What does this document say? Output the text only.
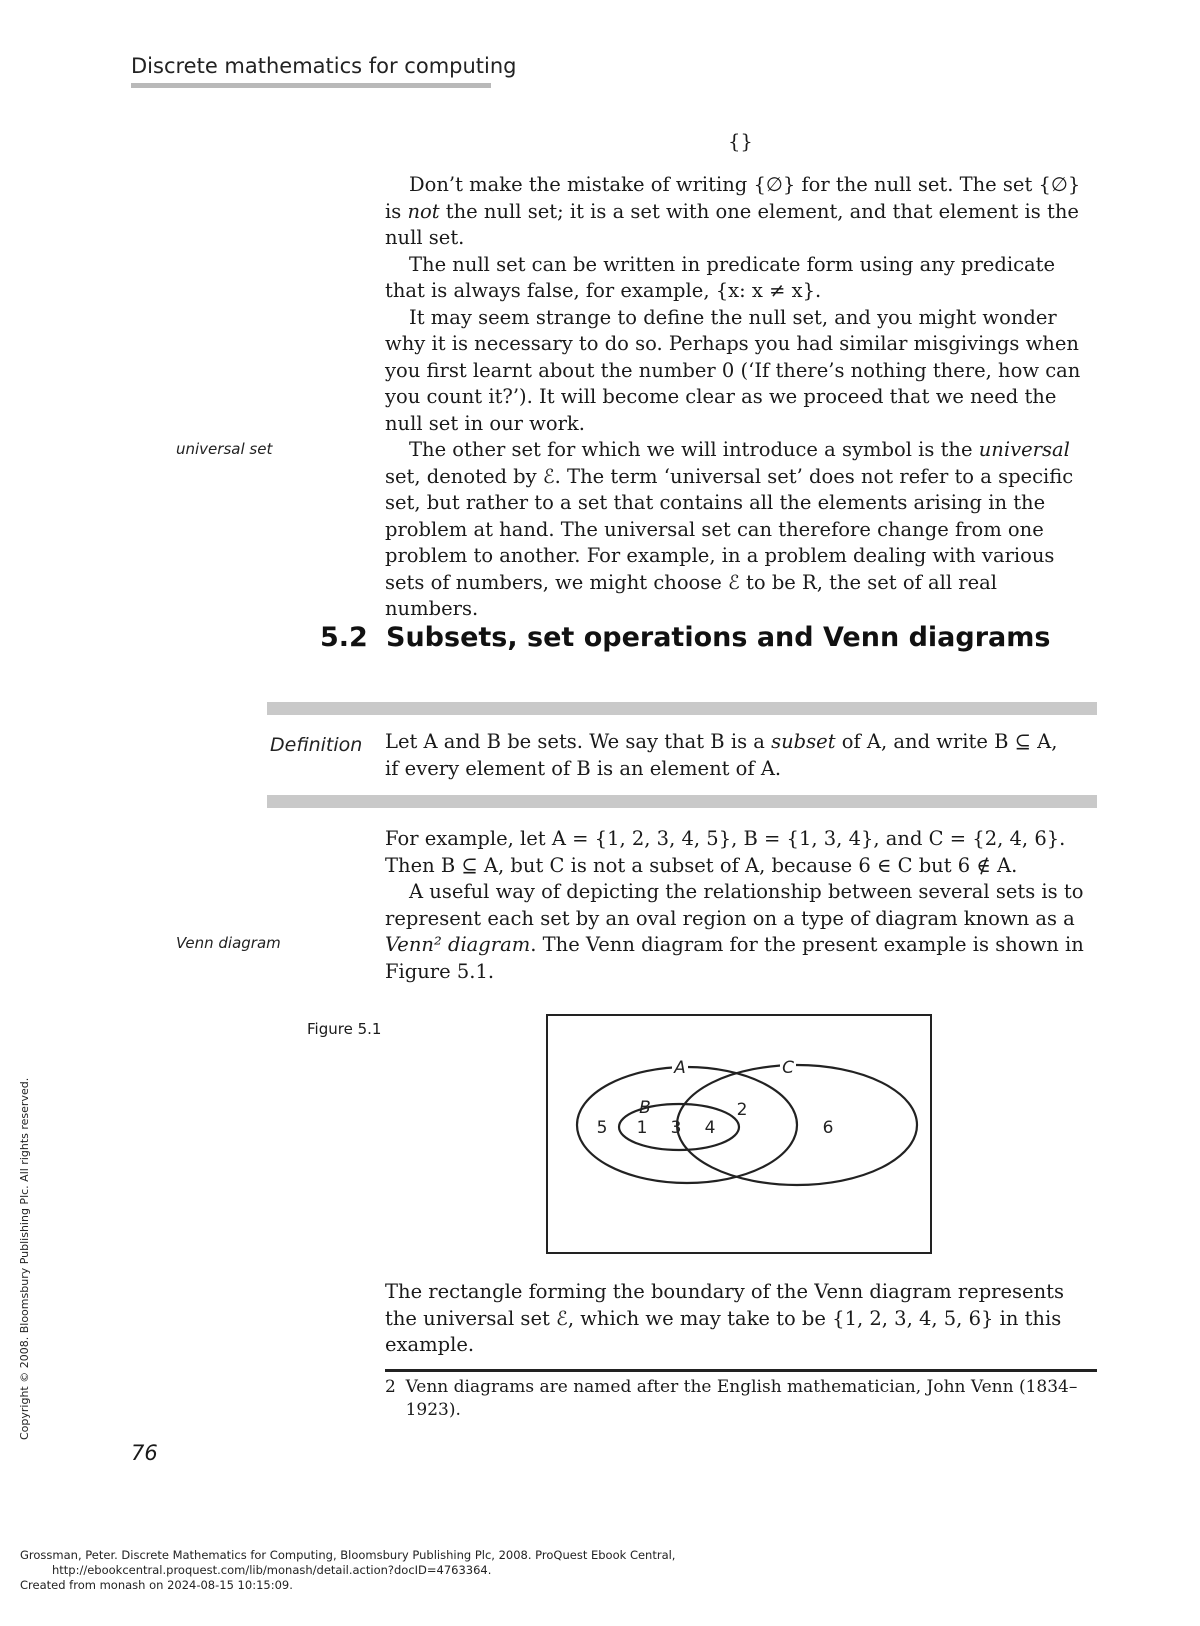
Discrete mathematics for computing
{}

Don’t make the mistake of writing {∅} for the null set. The set {∅} is not the null set; it is a set with one element, and that element is the null set.

The null set can be written in predicate form using any predicate that is always false, for example, {x: x ≠ x}.

It may seem strange to define the null set, and you might wonder why it is necessary to do so. Perhaps you had similar misgivings when you first learnt about the number 0 (‘If there’s nothing there, how can you count it?’). It will become clear as we proceed that we need the null set in our work.

The other set for which we will introduce a symbol is the universal set, denoted by ℰ. The term ‘universal set’ does not refer to a specific set, but rather to a set that contains all the elements arising in the problem at hand. The universal set can therefore change from one problem to another. For example, in a problem dealing with various sets of numbers, we might choose ℰ to be R, the set of all real numbers.

universal set
5.2 Subsets, set operations and Venn diagrams
Definition Let A and B be sets. We say that B is a subset of A, and write B ⊆ A, if every element of B is an element of A.

For example, let A = {1, 2, 3, 4, 5}, B = {1, 3, 4}, and C = {2, 4, 6}. Then B ⊆ A, but C is not a subset of A, because 6 ∈ C but 6 ∉ A.

A useful way of depicting the relationship between several sets is to represent each set by an oval region on a type of diagram known as a Venn² diagram. The Venn diagram for the present example is shown in Figure 5.1.

Venn diagram
Figure 5.1
A	C
B
5 1 3 4
2
6
The rectangle forming the boundary of the Venn diagram represents the universal set ℰ, which we may take to be {1, 2, 3, 4, 5, 6} in this example.
2 Venn diagrams are named after the English mathematician, John Venn (1834–1923).
76
Copyright © 2008. Bloomsbury Publishing Plc. All rights reserved.
Grossman, Peter. Discrete Mathematics for Computing, Bloomsbury Publishing Plc, 2008. ProQuest Ebook Central,
http://ebookcentral.proquest.com/lib/monash/detail.action?docID=4763364.
Created from monash on 2024-08-15 10:15:09.
